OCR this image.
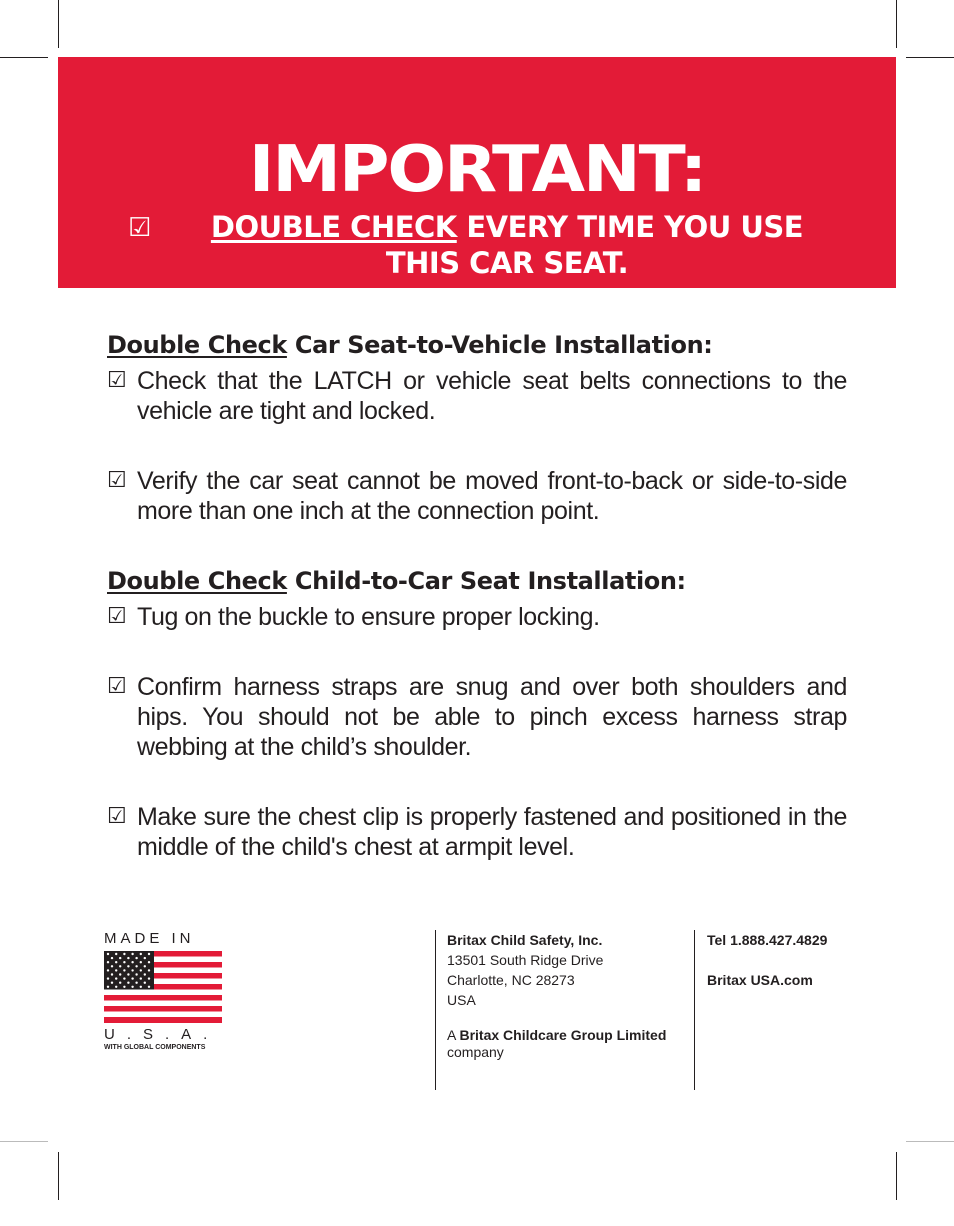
IMPORTANT:
☑	DOUBLE CHECK EVERY TIME YOU USE THIS CAR SEAT.
Double Check Car Seat-to-Vehicle Installation:
☑ Check that the LATCH or vehicle seat belts connections to the vehicle are tight and locked.
☑ Verify the car seat cannot be moved front-to-back or side-to-side more than one inch at the connection point.
Double Check Child-to-Car Seat Installation:
☑ Tug on the buckle to ensure proper locking.
☑ Confirm harness straps are snug and over both shoulders and hips. You should not be able to pinch excess harness strap webbing at the child’s shoulder.
☑ Make sure the chest clip is properly fastened and positioned in the middle of the child's chest at armpit level.
MADE IN
U.S.A.
WITH GLOBAL COMPONENTS
Britax Child Safety, Inc.
13501 South Ridge Drive
Charlotte, NC 28273
USA
A Britax Childcare Group Limited
company
Tel 1.888.427.4829
Britax USA.com
